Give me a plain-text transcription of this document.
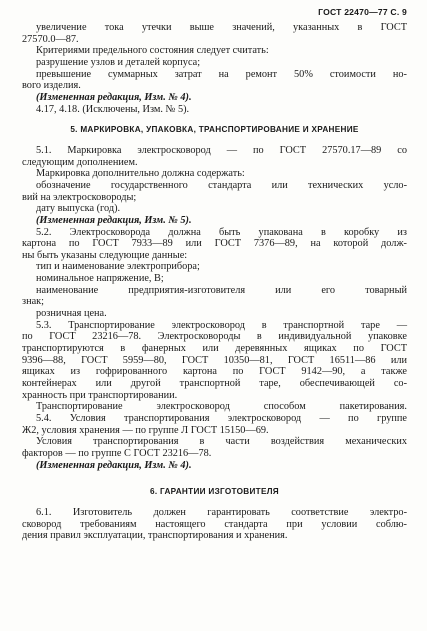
ГОСТ 22470—77 С. 9
увеличение тока утечки выше значений, указанных в ГОСТ
27570.0—87.
Критериями предельного состояния следует считать:
разрушение узлов и деталей корпуса;
превышение суммарных затрат на ремонт 50% стоимости но-
вого изделия.
(Измененная редакция, Изм. № 4).
4.17, 4.18. (Исключены, Изм. № 5).
5. МАРКИРОВКА, УПАКОВКА, ТРАНСПОРТИРОВАНИЕ И ХРАНЕНИЕ
5.1. Маркировка электросковород — по ГОСТ 27570.17—89 со
следующим дополнением.
Маркировка дополнительно должна содержать:
обозначение государственного стандарта или технических усло-
вий на электросковороды;
дату выпуска (год).
(Измененная редакция, Изм. № 5).
5.2. Электросковорода должна быть упакована в коробку из
картона по ГОСТ 7933—89 или ГОСТ 7376—89, на которой долж-
ны быть указаны следующие данные:
тип и наименование электроприбора;
номинальное напряжение, В;
наименование предприятия-изготовителя или его товарный
знак;
розничная цена.
5.3. Транспортирование электросковород в транспортной таре —
по ГОСТ 23216—78. Электросковороды в индивидуальной упаковке
транспортируются в фанерных или деревянных ящиках по ГОСТ
9396—88, ГОСТ 5959—80, ГОСТ 10350—81, ГОСТ 16511—86 или
ящиках из гофрированного картона по ГОСТ 9142—90, а также
контейнерах или другой транспортной таре, обеспечивающей со-
хранность при транспортировании.
Транспортирование электросковород способом пакетирования.
5.4. Условия транспортирования электросковород — по группе
Ж2, условия хранения — по группе Л ГОСТ 15150—69.
Условия транспортирования в части воздействия механических
факторов — по группе С ГОСТ 23216—78.
(Измененная редакция, Изм. № 4).
6. ГАРАНТИИ ИЗГОТОВИТЕЛЯ
6.1. Изготовитель должен гарантировать соответствие электро-
сковород требованиям настоящего стандарта при условии соблю-
дения правил эксплуатации, транспортирования и хранения.
